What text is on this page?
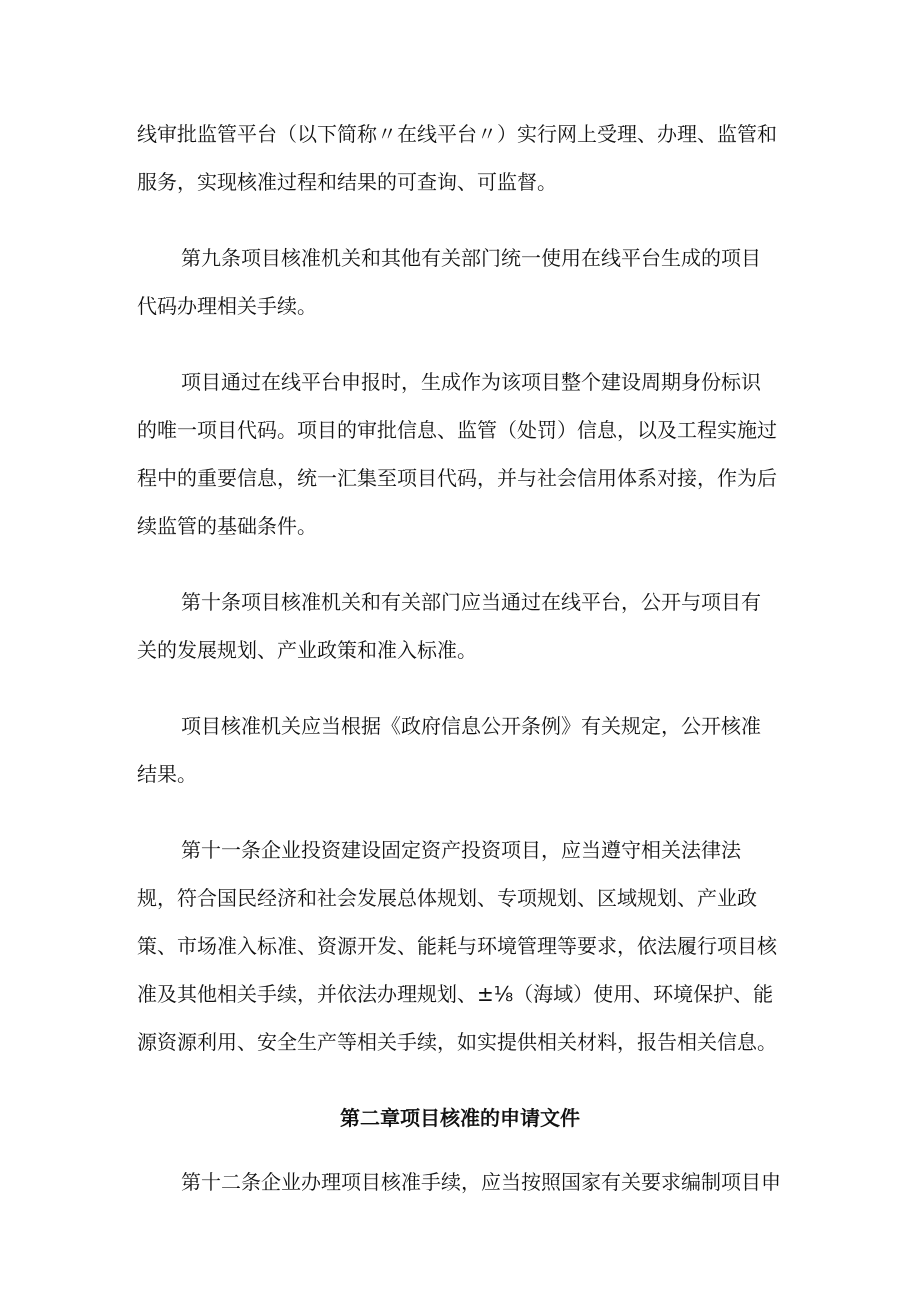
线审批监管平台（以下简称〃在线平台〃）实行网上受理、办理、监管和
服务，实现核准过程和结果的可查询、可监督。
第九条项目核准机关和其他有关部门统一使用在线平台生成的项目
代码办理相关手续。
项目通过在线平台申报时，生成作为该项目整个建设周期身份标识
的唯一项目代码。项目的审批信息、监管（处罚）信息，以及工程实施过
程中的重要信息，统一汇集至项目代码，并与社会信用体系对接，作为后
续监管的基础条件。
第十条项目核准机关和有关部门应当通过在线平台，公开与项目有
关的发展规划、产业政策和准入标准。
项目核准机关应当根据《政府信息公开条例》有关规定，公开核准
结果。
第十一条企业投资建设固定资产投资项目，应当遵守相关法律法
规，符合国民经济和社会发展总体规划、专项规划、区域规划、产业政
策、市场准入标准、资源开发、能耗与环境管理等要求，依法履行项目核
准及其他相关手续，并依法办理规划、±⅛（海域）使用、环境保护、能
源资源利用、安全生产等相关手续，如实提供相关材料，报告相关信息。
第二章项目核准的申请文件
第十二条企业办理项目核准手续，应当按照国家有关要求编制项目申
